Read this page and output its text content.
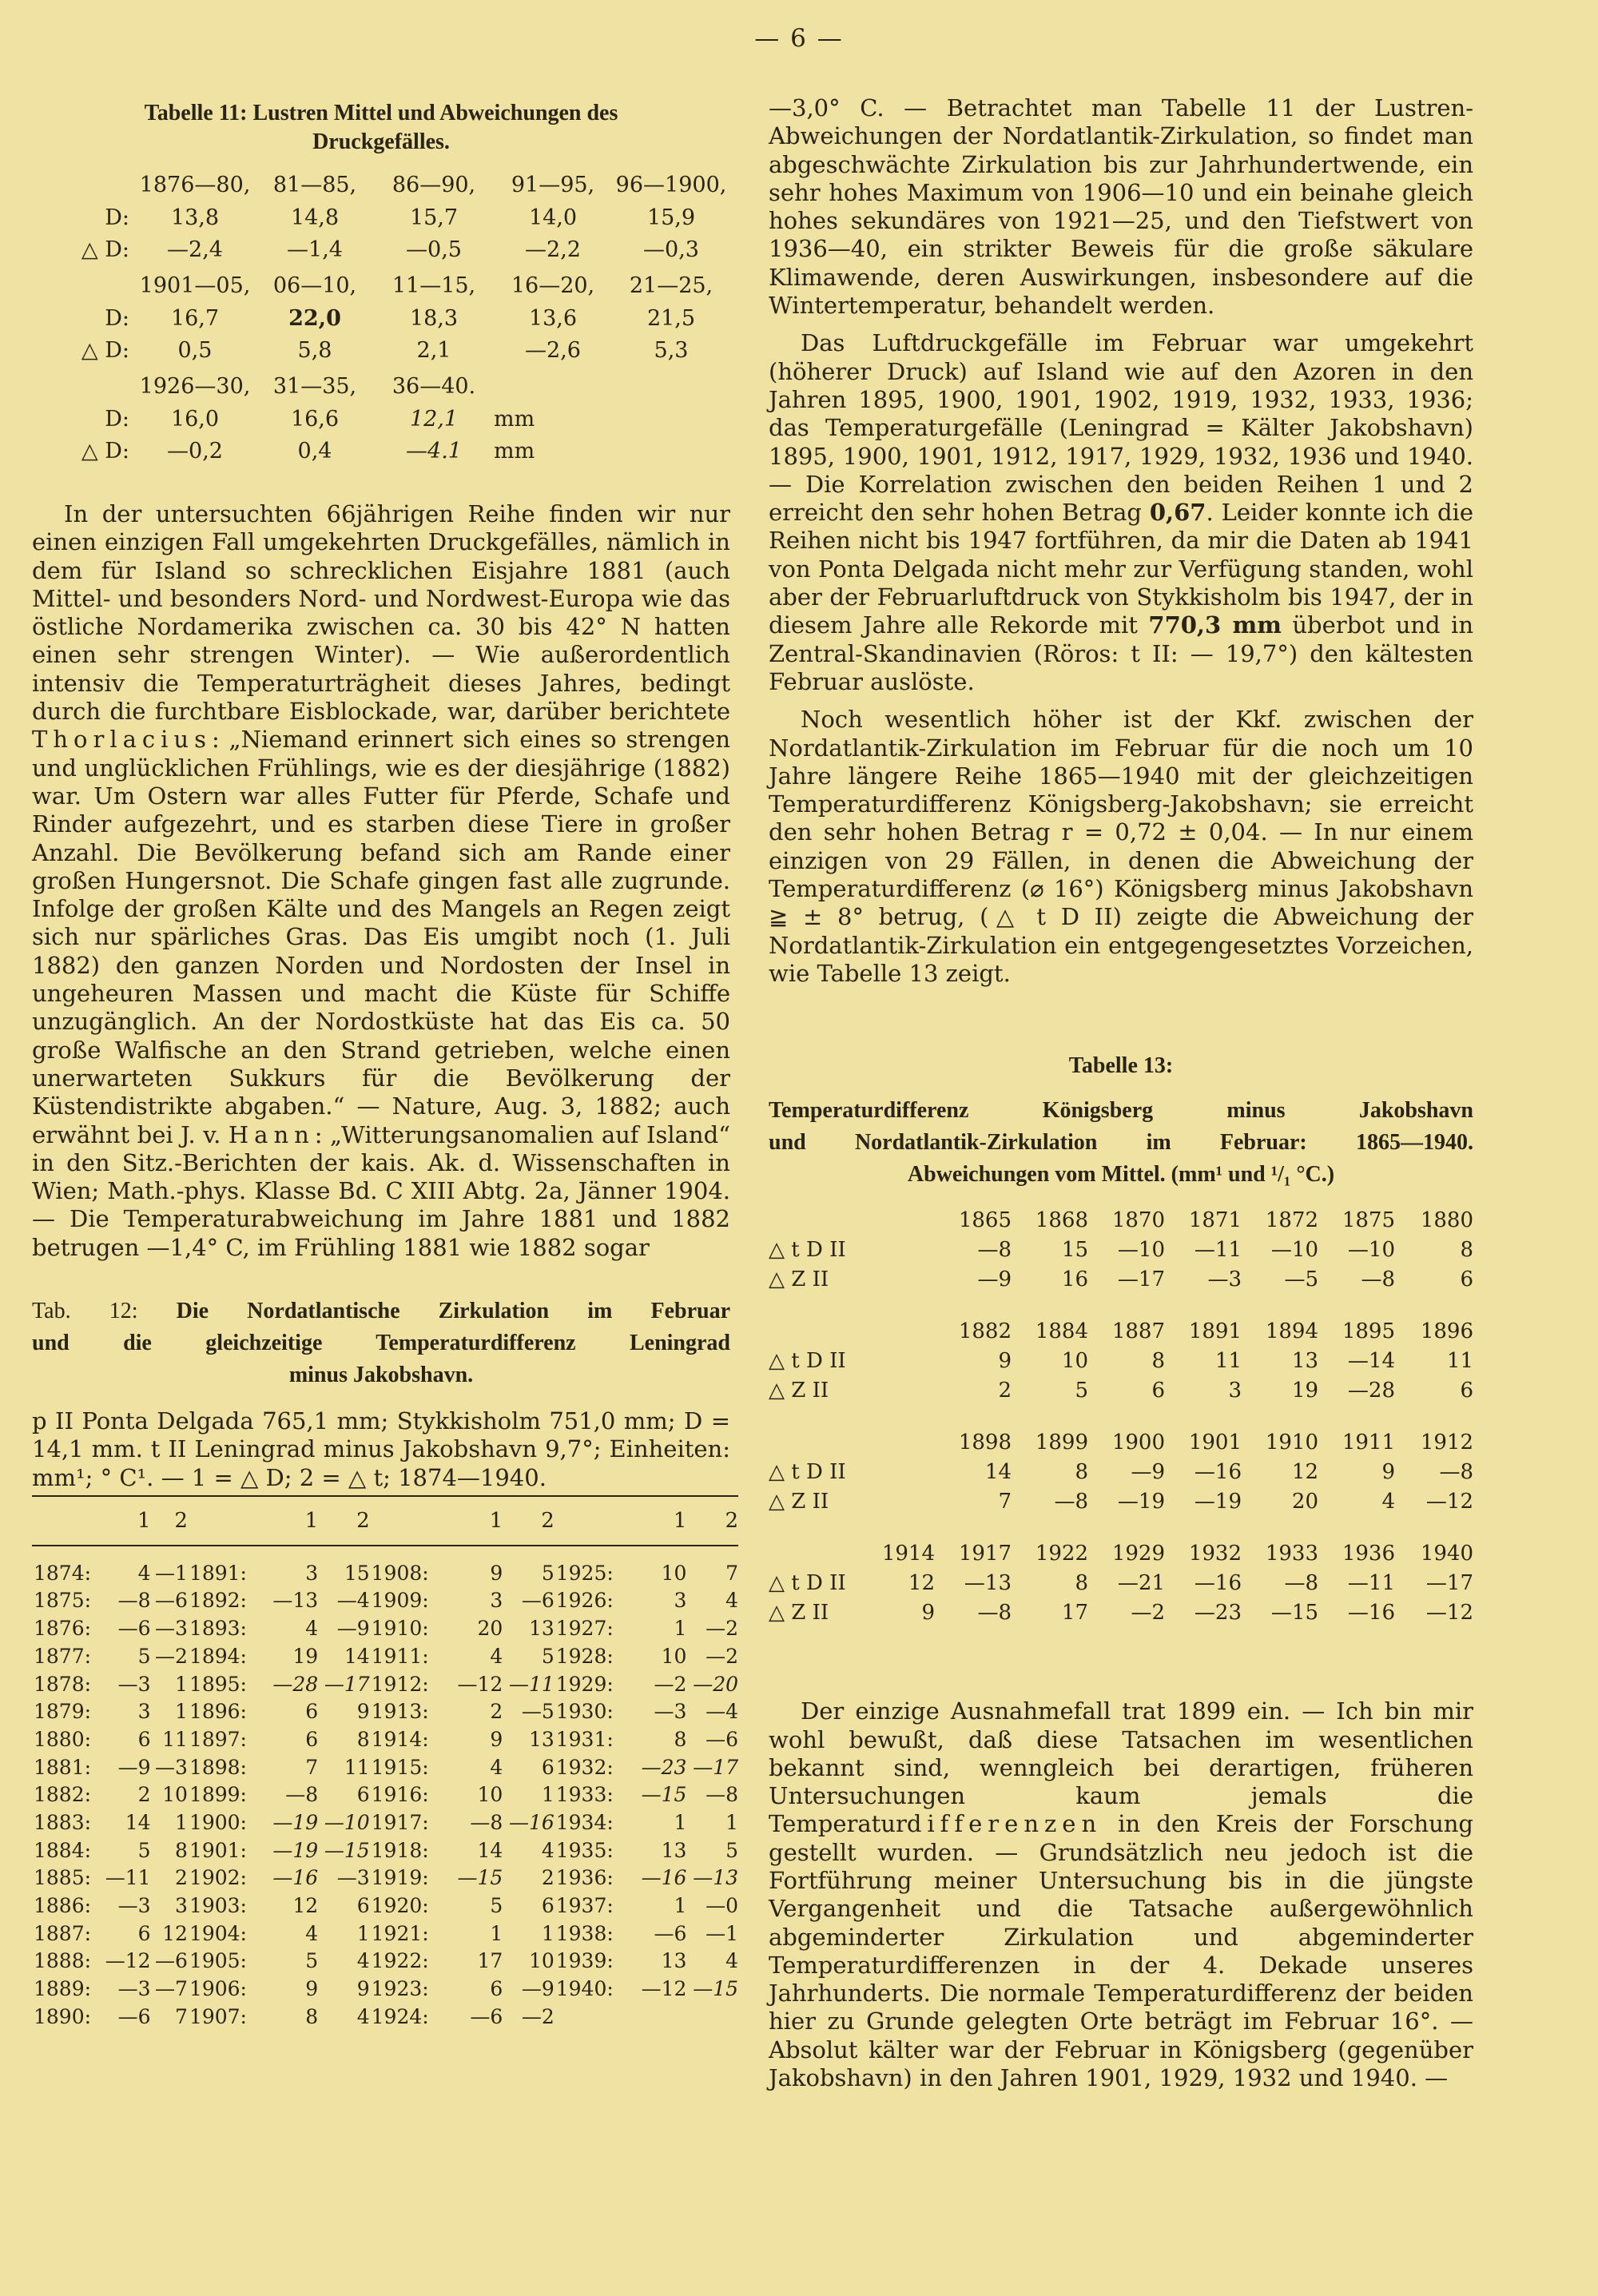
— 6 —
Tabelle 11: Lustren Mittel und Abweichungen des
Druckgefälles.
	1876—80,	81—85,	86—90,	91—95,	96—1900,
D:	13,8	14,8	15,7	14,0	15,9
△ D:	—2,4	—1,4	—0,5	—2,2	—0,3
	1901—05,	06—10,	11—15,	16—20,	21—25,
D:	16,7	22,0	18,3	13,6	21,5
△ D:	0,5	5,8	2,1	—2,6	5,3
	1926—30,	31—35,	36—40.		
D:	16,0	16,6	12,1	mm	
△ D:	—0,2	0,4	—4.1	mm	

In der untersuchten 66jährigen Reihe finden wir nur einen einzigen Fall umgekehrten Druckgefälles, nämlich in dem für Island so schrecklichen Eisjahre 1881 (auch Mittel- und besonders Nord- und Nordwest-Europa wie das östliche Nordamerika zwischen ca. 30 bis 42° N hatten einen sehr strengen Winter). — Wie außerordentlich intensiv die Temperaturträgheit dieses Jahres, bedingt durch die furchtbare Eisblockade, war, darüber berichtete Thorlacius: „Niemand erinnert sich eines so strengen und unglücklichen Frühlings, wie es der diesjährige (1882) war. Um Ostern war alles Futter für Pferde, Schafe und Rinder aufgezehrt, und es starben diese Tiere in großer Anzahl. Die Bevölkerung befand sich am Rande einer großen Hungersnot. Die Schafe gingen fast alle zugrunde. Infolge der großen Kälte und des Mangels an Regen zeigt sich nur spärliches Gras. Das Eis umgibt noch (1. Juli 1882) den ganzen Norden und Nordosten der Insel in ungeheuren Massen und macht die Küste für Schiffe unzugänglich. An der Nordostküste hat das Eis ca. 50 große Walfische an den Strand getrieben, welche einen unerwarteten Sukkurs für die Bevölkerung der Küstendistrikte abgaben.“ — Nature, Aug. 3, 1882; auch erwähnt bei J. v. Hann: „Witterungsanomalien auf Island“ in den Sitz.-Berichten der kais. Ak. d. Wissenschaften in Wien; Math.-phys. Klasse Bd. C XIII Abtg. 2a, Jänner 1904. — Die Temperaturabweichung im Jahre 1881 und 1882 betrugen —1,4° C, im Frühling 1881 wie 1882 sogar

Tab. 12: Die Nordatlantische Zirkulation im Februar
und die gleichzeitige Temperaturdifferenz Leningrad
minus Jakobshavn.

p II Ponta Delgada 765,1 mm; Stykkisholm 751,0 mm; D = 14,1 mm. t II Leningrad minus Jakobshavn 9,7°; Einheiten: mm¹; ° C¹. — 1 = △ D; 2 = △ t; 1874—1940.

	1	2		1	2		1	2		1	2
1874:	4	—1	1891:	3	15	1908:	9	5	1925:	10	7
1875:	—8	—6	1892:	—13	—4	1909:	3	—6	1926:	3	4
1876:	—6	—3	1893:	4	—9	1910:	20	13	1927:	1	—2
1877:	5	—2	1894:	19	14	1911:	4	5	1928:	10	—2
1878:	—3	1	1895:	—28	—17	1912:	—12	—11	1929:	—2	—20
1879:	3	1	1896:	6	9	1913:	2	—5	1930:	—3	—4
1880:	6	11	1897:	6	8	1914:	9	13	1931:	8	—6
1881:	—9	—3	1898:	7	11	1915:	4	6	1932:	—23	—17
1882:	2	10	1899:	—8	6	1916:	10	1	1933:	—15	—8
1883:	14	1	1900:	—19	—10	1917:	—8	—16	1934:	1	1
1884:	5	8	1901:	—19	—15	1918:	14	4	1935:	13	5
1885:	—11	2	1902:	—16	—3	1919:	—15	2	1936:	—16	—13
1886:	—3	3	1903:	12	6	1920:	5	6	1937:	1	—0
1887:	6	12	1904:	4	1	1921:	1	1	1938:	—6	—1
1888:	—12	—6	1905:	5	4	1922:	17	10	1939:	13	4
1889:	—3	—7	1906:	9	9	1923:	6	—9	1940:	—12	—15
1890:	—6	7	1907:	8	4	1924:	—6	—2			

—3,0° C. — Betrachtet man Tabelle 11 der Lustren-Abweichungen der Nordatlantik-Zirkulation, so findet man abgeschwächte Zirkulation bis zur Jahrhundertwende, ein sehr hohes Maximum von 1906—10 und ein beinahe gleich hohes sekundäres von 1921—25, und den Tiefstwert von 1936—40, ein strikter Beweis für die große säkulare Klimawende, deren Auswirkungen, insbesondere auf die Wintertemperatur, behandelt werden.

Das Luftdruckgefälle im Februar war umgekehrt (höherer Druck) auf Island wie auf den Azoren in den Jahren 1895, 1900, 1901, 1902, 1919, 1932, 1933, 1936; das Temperaturgefälle (Leningrad = Kälter Jakobshavn) 1895, 1900, 1901, 1912, 1917, 1929, 1932, 1936 und 1940. — Die Korrelation zwischen den beiden Reihen 1 und 2 erreicht den sehr hohen Betrag 0,67. Leider konnte ich die Reihen nicht bis 1947 fortführen, da mir die Daten ab 1941 von Ponta Delgada nicht mehr zur Verfügung standen, wohl aber der Februarluftdruck von Stykkisholm bis 1947, der in diesem Jahre alle Rekorde mit 770,3 mm überbot und in Zentral-Skandinavien (Röros: t II: — 19,7°) den kältesten Februar auslöste.

Noch wesentlich höher ist der Kkf. zwischen der Nordatlantik-Zirkulation im Februar für die noch um 10 Jahre längere Reihe 1865—1940 mit der gleichzeitigen Temperaturdifferenz Königsberg-Jakobshavn; sie erreicht den sehr hohen Betrag r = 0,72 ± 0,04. — In nur einem einzigen von 29 Fällen, in denen die Abweichung der Temperaturdifferenz (⌀ 16°) Königsberg minus Jakobshavn ≧ ± 8° betrug, (△ t D II) zeigte die Abweichung der Nordatlantik-Zirkulation ein entgegengesetztes Vorzeichen, wie Tabelle 13 zeigt.

Tabelle 13:
Temperaturdifferenz Königsberg minus Jakobshavn
und Nordatlantik-Zirkulation im Februar: 1865—1940.
Abweichungen vom Mittel. (mm¹ und ¹/₁ °C.)
		1865	1868	1870	1871	1872	1875	1880
△ t D II		—8	15	—10	—11	—10	—10	8
△ Z II		—9	16	—17	—3	—5	—8	6
		1882	1884	1887	1891	1894	1895	1896
△ t D II		9	10	8	11	13	—14	11
△ Z II		2	5	6	3	19	—28	6
		1898	1899	1900	1901	1910	1911	1912
△ t D II		14	8	—9	—16	12	9	—8
△ Z II		7	—8	—19	—19	20	4	—12
	1914	1917	1922	1929	1932	1933	1936	1940
△ t D II	12	—13	8	—21	—16	—8	—11	—17
△ Z II	9	—8	17	—2	—23	—15	—16	—12

Der einzige Ausnahmefall trat 1899 ein. — Ich bin mir wohl bewußt, daß diese Tatsachen im wesentlichen bekannt sind, wenngleich bei derartigen, früheren Untersuchungen kaum jemals die Temperaturdifferenzen in den Kreis der Forschung gestellt wurden. — Grundsätzlich neu jedoch ist die Fortführung meiner Untersuchung bis in die jüngste Vergangenheit und die Tatsache außergewöhnlich abgeminderter Zirkulation und abgeminderter Temperaturdifferenzen in der 4. Dekade unseres Jahrhunderts. Die normale Temperaturdifferenz der beiden hier zu Grunde gelegten Orte beträgt im Februar 16°. — Absolut kälter war der Februar in Königsberg (gegenüber Jakobshavn) in den Jahren 1901, 1929, 1932 und 1940. —
